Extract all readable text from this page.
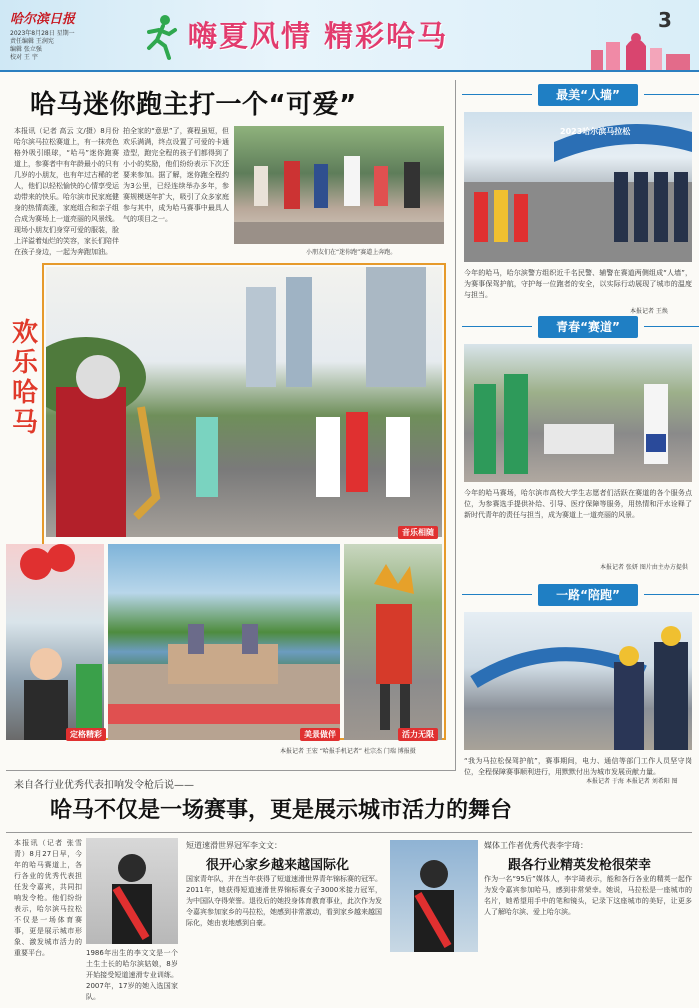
哈尔滨日报
2023年8月28日 星期一
责任编辑 王润宪
编辑 张立强
校对 王 宇
嗨夏风情 精彩哈马	3
哈马迷你跑主打一个“可爱”
本报讯（记者 高云 文/摄）8月份哈尔滨马拉松赛道上，有一抹亮色格外吸引眼球，“哈马”迷你跑赛道上，参赛者中有年龄最小的只有几岁的小朋友，也有年过古稀的老人，他们以轻松愉快的心情享受运动带来的快乐。哈尔滨市民家庭健身的热情高涨，家庭组合和亲子组合成为赛场上一道亮丽的风景线。现场小朋友们身穿可爱的服装，脸上洋溢着灿烂的笑容，家长们陪伴在孩子身边，一起为奔跑加油。
拍全家的“意思”了，赛程虽短，但欢乐满满，终点设置了可爱的卡通造型，跑完全程的孩子们都得到了小小的奖励，他们纷纷表示下次还要来参加。据了解，迷你跑全程约为3公里，已经连续举办多年，参赛规模逐年扩大，吸引了众多家庭参与其中，成为哈马赛事中最具人气的项目之一。
小朋友们在“迷你跑”赛道上奔跑。
欢
乐
哈
马
音乐相随
定格精彩	美景做伴	活力无限
本报记者 王宏 “哈报手机记者” 杜宗杰 门瑞 博报摄
最美“人墙”
2023哈尔滨马拉松
今年的哈马，哈尔滨警方组织近千名民警、辅警在赛道两侧组成“人墙”，为赛事保驾护航，守护每一位跑者的安全，以实际行动展现了城市的温度与担当。
本报记者 王焕
青春“赛道”
今年的哈马赛场，哈尔滨市高校大学生志愿者们活跃在赛道的各个服务点位，为参赛选手提供补给、引导、医疗保障等服务，用热情和汗水诠释了新时代青年的责任与担当，成为赛道上一道亮丽的风景。
本报记者 张妍 图片由主办方提供
一路“陪跑”
“我为马拉松保驾护航”，赛事期间，电力、通信等部门工作人员坚守岗位，全程保障赛事顺利进行，用默默付出为城市发展贡献力量。
本报记者 于海 本报记者 刘希阳 图
来自各行业优秀代表扣响发令枪后说——
哈马不仅是一场赛事，更是展示城市活力的舞台
本报讯（记者 张雪青）8月27日早，今年的哈马赛道上，各行各业的优秀代表担任发令嘉宾，共同扣响发令枪。他们纷纷表示，哈尔滨马拉松不仅是一场体育赛事，更是展示城市形象、激发城市活力的重要平台。	1986年出生的李文文是一个土生土长的哈尔滨姑娘，8岁开始接受短道速滑专业训练。2007年，17岁的她入选国家队。
短道速滑世界冠军李文文：
很开心家乡越来越国际化
国家青年队，并在当年获得了短道速滑世界青年锦标赛的冠军。2011年，她获得短道速滑世界锦标赛女子3000米接力冠军，为中国队夺得荣誉。退役后的她投身体育教育事业，此次作为发令嘉宾参加家乡的马拉松，她感到非常激动，看到家乡越来越国际化，她由衷地感到自豪。
媒体工作者优秀代表李宇琦：
跟各行业精英发枪很荣幸
作为一名“95后”媒体人，李宇琦表示，能和各行各业的精英一起作为发令嘉宾参加哈马，感到非常荣幸。她说，马拉松是一座城市的名片，她希望用手中的笔和镜头，记录下这座城市的美好，让更多人了解哈尔滨、爱上哈尔滨。
